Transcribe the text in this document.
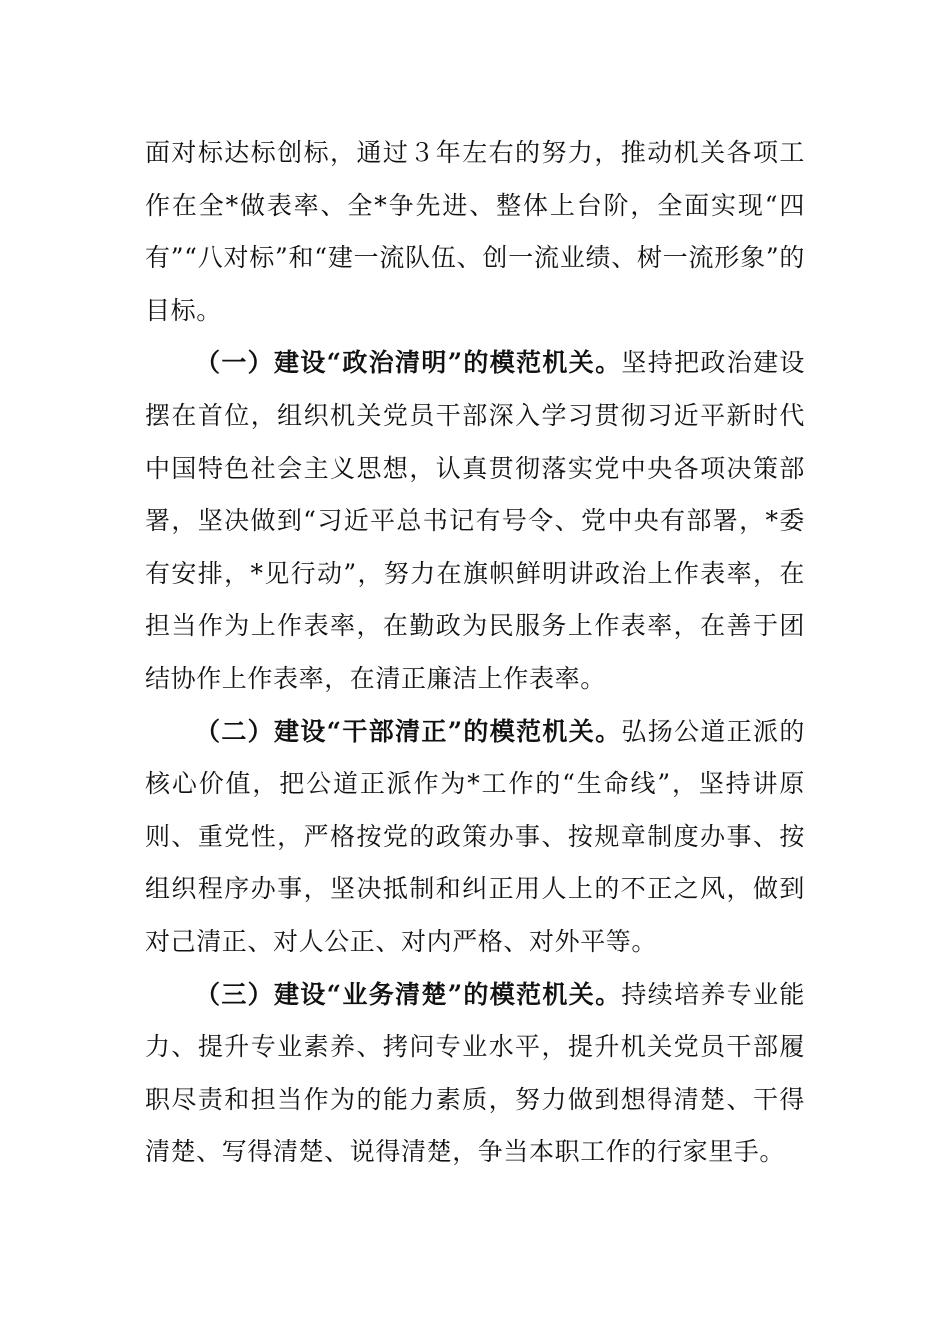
面对标达标创标，通过３年左右的努力，推动机关各项工作在全*做表率、全*争先进、整体上台阶，全面实现“四有”“八对标”和“建一流队伍、创一流业绩、树一流形象”的目标。

（一）建设“政治清明”的模范机关。坚持把政治建设摆在首位，组织机关党员干部深入学习贯彻习近平新时代中国特色社会主义思想，认真贯彻落实党中央各项决策部署，坚决做到“习近平总书记有号令、党中央有部署，*委有安排，*见行动”，努力在旗帜鲜明讲政治上作表率，在担当作为上作表率，在勤政为民服务上作表率，在善于团结协作上作表率，在清正廉洁上作表率。

（二）建设“干部清正”的模范机关。弘扬公道正派的核心价值，把公道正派作为*工作的“生命线”，坚持讲原则、重党性，严格按党的政策办事、按规章制度办事、按组织程序办事，坚决抵制和纠正用人上的不正之风，做到对己清正、对人公正、对内严格、对外平等。

（三）建设“业务清楚”的模范机关。持续培养专业能力、提升专业素养、拷问专业水平，提升机关党员干部履职尽责和担当作为的能力素质，努力做到想得清楚、干得清楚、写得清楚、说得清楚，争当本职工作的行家里手。
